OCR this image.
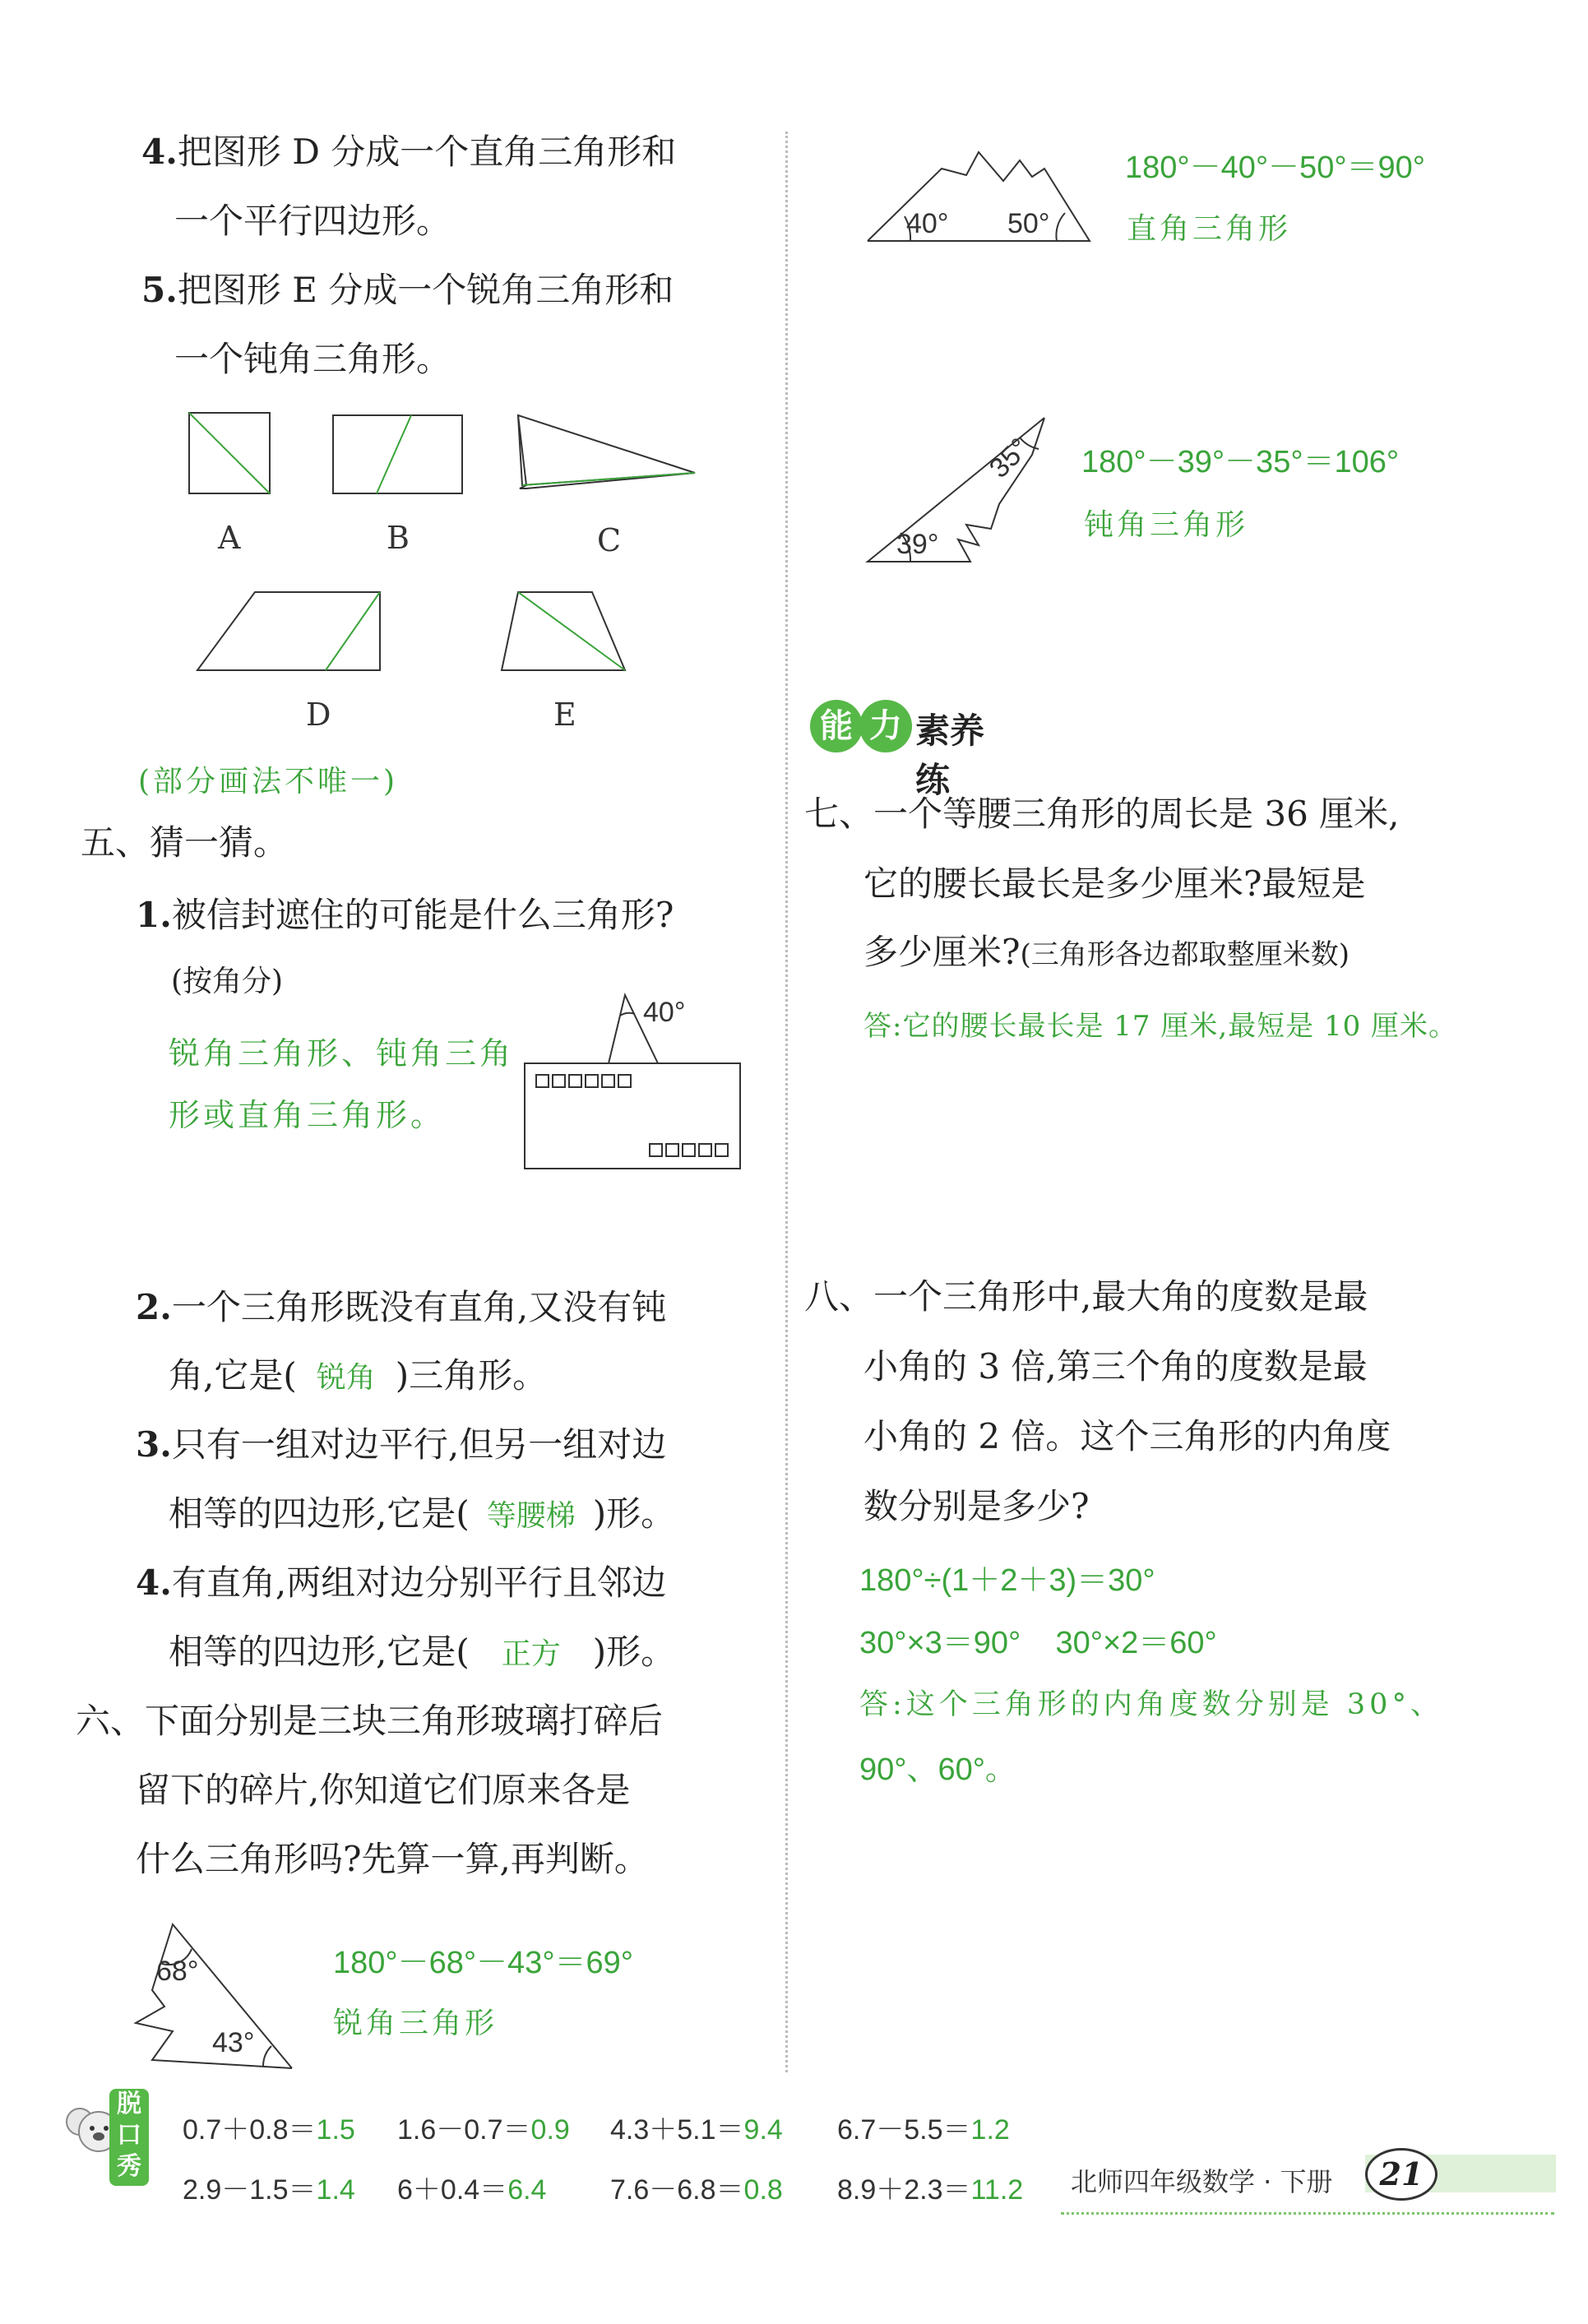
4.把图形 D 分成一个直角三角形和
一个平行四边形。
5.把图形 E 分成一个锐角三角形和
一个钝角三角形。
A	B	C
D	E
(部分画法不唯一)
五、猜一猜。
1.被信封遮住的可能是什么三角形?
(按角分)
锐角三角形、钝角三角
形或直角三角形。
40°
2.一个三角形既没有直角,又没有钝
角,它是( 锐角 )三角形。
3.只有一组对边平行,但另一组对边
相等的四边形,它是( 等腰梯 )形。
4.有直角,两组对边分别平行且邻边
相等的四边形,它是( 正方 )形。
六、下面分别是三块三角形玻璃打碎后
留下的碎片,你知道它们原来各是
什么三角形吗?先算一算,再判断。
68°
43°
180°－68°－43°＝69°
锐角三角形
40° 50°
180°－40°－50°＝90°
直角三角形
35°
39°
180°－39°－35°＝106°
钝角三角形
能 力 素养练
七、一个等腰三角形的周长是 36 厘米,
它的腰长最长是多少厘米?最短是
多少厘米?(三角形各边都取整厘米数)
答:它的腰长最长是 17 厘米,最短是 10 厘米。
八、一个三角形中,最大角的度数是最
小角的 3 倍,第三个角的度数是最
小角的 2 倍。这个三角形的内角度
数分别是多少?
180°÷(1＋2＋3)＝30°
30°×3＝90°    30°×2＝60°
答:这个三角形的内角度数分别是 30°、
90°、60°。
脱
口
秀
0.7＋0.8＝1.5 1.6－0.7＝0.9 4.3＋5.1＝9.4 6.7－5.5＝1.2
2.9－1.5＝1.4 6＋0.4＝6.4 7.6－6.8＝0.8 8.9＋2.3＝11.2 北师四年级数学 · 下册	21
